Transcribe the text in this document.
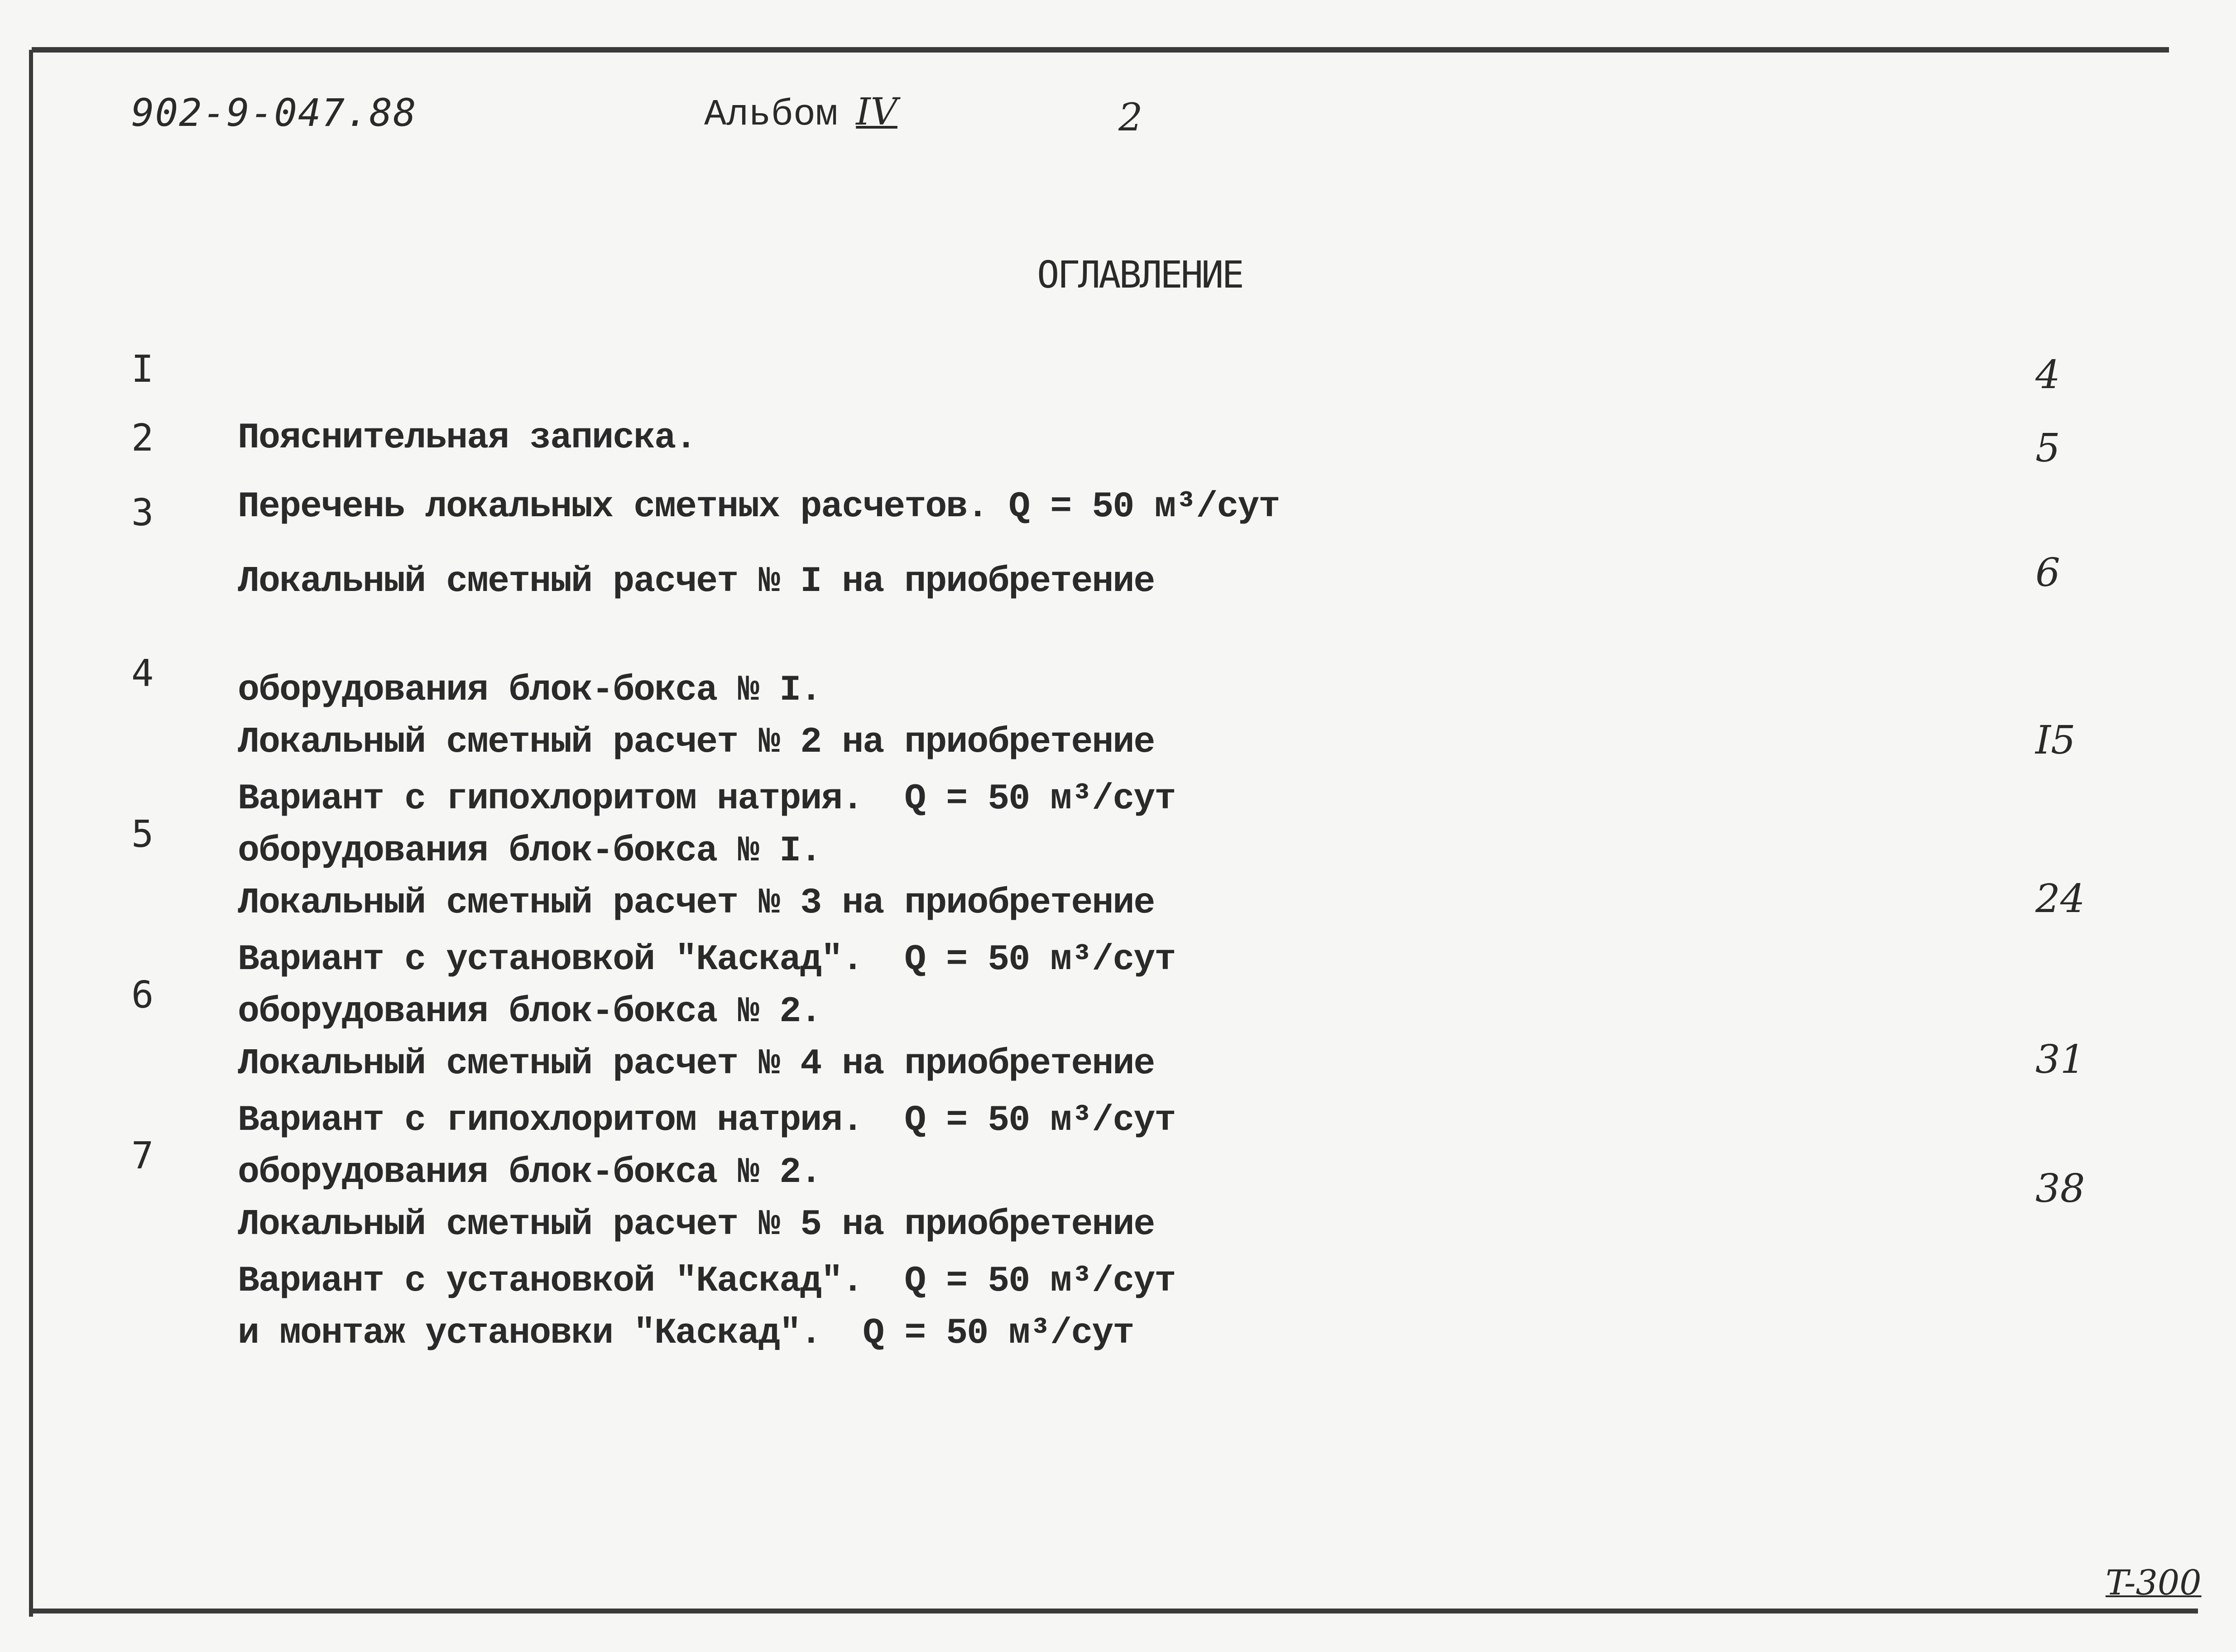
902-9-047.88	Альбом IV	2
ОГЛАВЛЕНИЕ
I

Пояснительная записка.

4
2

Перечень локальных сметных расчетов. Q = 50 м³/сут

5
3

Локальный сметный расчет № I на приобретение

оборудования блок-бокса № I.

Вариант с гипохлоритом натрия.  Q = 50 м³/сут

6
4

Локальный сметный расчет № 2 на приобретение

оборудования блок-бокса № I.

Вариант с установкой "Каскад".  Q = 50 м³/сут

I5
5

Локальный сметный расчет № 3 на приобретение

оборудования блок-бокса № 2.

Вариант с гипохлоритом натрия.  Q = 50 м³/сут

24
6

Локальный сметный расчет № 4 на приобретение

оборудования блок-бокса № 2.

Вариант с установкой "Каскад".  Q = 50 м³/сут

31
7

Локальный сметный расчет № 5 на приобретение

и монтаж установки "Каскад".  Q = 50 м³/сут

38
T-300
